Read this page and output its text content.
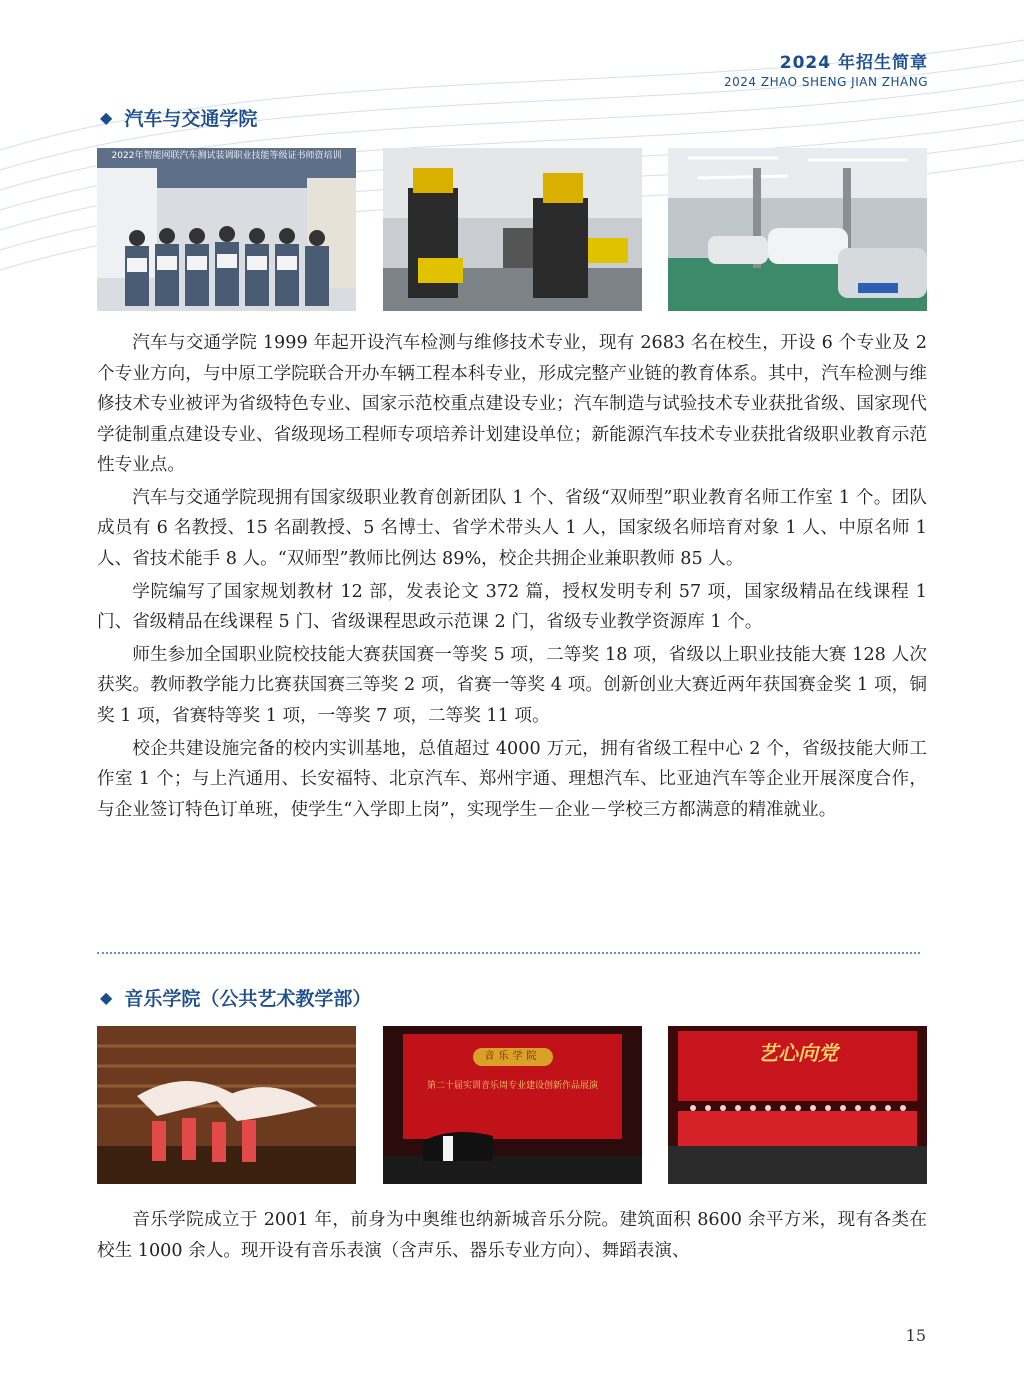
2024 年招生简章
2024 ZHAO SHENG JIAN ZHANG
◆ 汽车与交通学院
2022年智能网联汽车测试装调职业技能等级证书师资培训

汽车与交通学院 1999 年起开设汽车检测与维修技术专业，现有 2683 名在校生，开设 6 个专业及 2 个专业方向，与中原工学院联合开办车辆工程本科专业，形成完整产业链的教育体系。其中，汽车检测与维修技术专业被评为省级特色专业、国家示范校重点建设专业；汽车制造与试验技术专业获批省级、国家现代学徒制重点建设专业、省级现场工程师专项培养计划建设单位；新能源汽车技术专业获批省级职业教育示范性专业点。

汽车与交通学院现拥有国家级职业教育创新团队 1 个、省级“双师型”职业教育名师工作室 1 个。团队成员有 6 名教授、15 名副教授、5 名博士、省学术带头人 1 人，国家级名师培育对象 1 人、中原名师 1 人、省技术能手 8 人。“双师型”教师比例达 89%，校企共拥企业兼职教师 85 人。

学院编写了国家规划教材 12 部，发表论文 372 篇，授权发明专利 57 项，国家级精品在线课程 1 门、省级精品在线课程 5 门、省级课程思政示范课 2 门，省级专业教学资源库 1 个。

师生参加全国职业院校技能大赛获国赛一等奖 5 项，二等奖 18 项，省级以上职业技能大赛 128 人次获奖。教师教学能力比赛获国赛三等奖 2 项，省赛一等奖 4 项。创新创业大赛近两年获国赛金奖 1 项，铜奖 1 项，省赛特等奖 1 项，一等奖 7 项，二等奖 11 项。

校企共建设施完备的校内实训基地，总值超过 4000 万元，拥有省级工程中心 2 个，省级技能大师工作室 1 个；与上汽通用、长安福特、北京汽车、郑州宇通、理想汽车、比亚迪汽车等企业开展深度合作，与企业签订特色订单班，使学生“入学即上岗”，实现学生－企业－学校三方都满意的精准就业。

◆ 音乐学院（公共艺术教学部）
音乐学院
第二十届实训音乐周专业建设创新作品展演
艺心向党

音乐学院成立于 2001 年，前身为中奥维也纳新城音乐分院。建筑面积 8600 余平方米，现有各类在校生 1000 余人。现开设有音乐表演（含声乐、器乐专业方向）、舞蹈表演、

15
